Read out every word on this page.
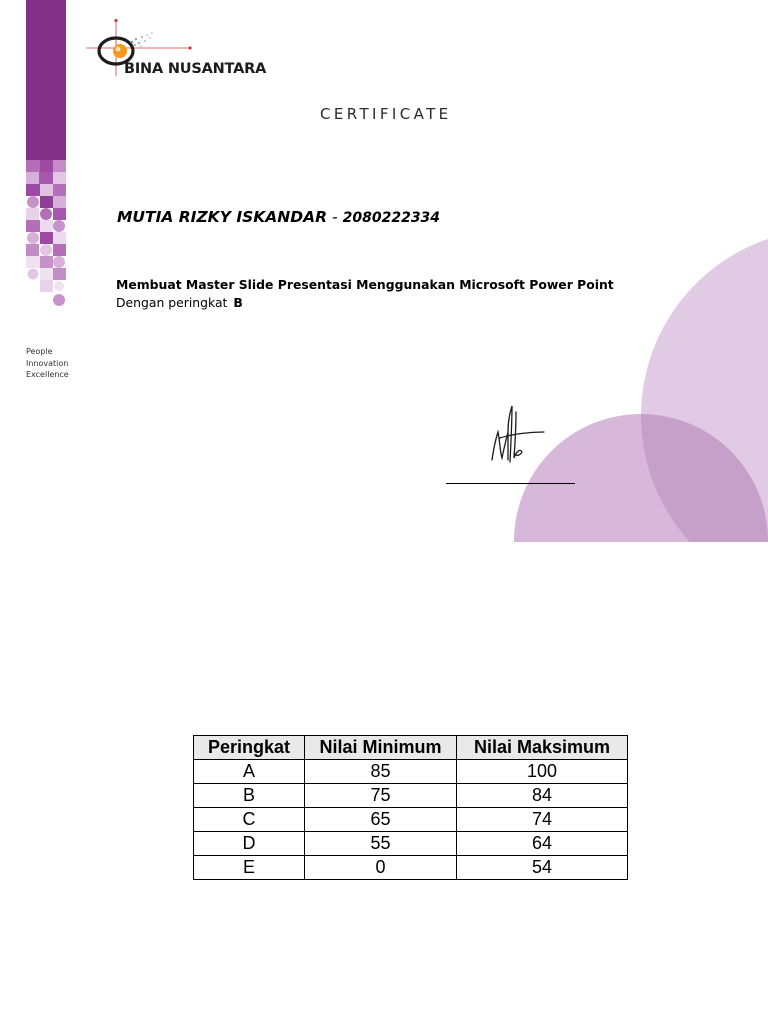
BINA NUSANTARA
CERTIFICATE
MUTIA RIZKY ISKANDAR - 2080222334
Membuat Master Slide Presentasi Menggunakan Microsoft Power Point
Dengan peringkat B
People
Innovation
Excellence
Peringkat	Nilai Minimum	Nilai Maksimum
A	85	100
B	75	84
C	65	74
D	55	64
E	0	54
